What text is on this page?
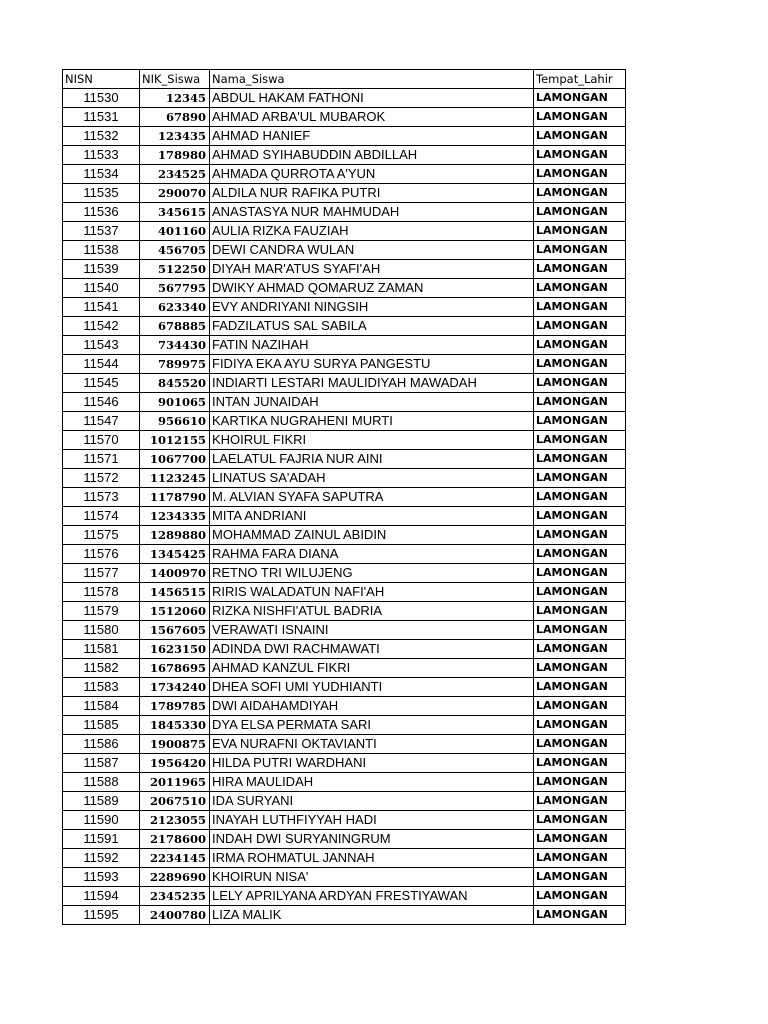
NISN	NIK_Siswa	Nama_Siswa	Tempat_Lahir
11530	12345	ABDUL HAKAM FATHONI	LAMONGAN
11531	67890	AHMAD ARBA'UL MUBAROK	LAMONGAN
11532	123435	AHMAD HANIEF	LAMONGAN
11533	178980	AHMAD SYIHABUDDIN ABDILLAH	LAMONGAN
11534	234525	AHMADA QURROTA A'YUN	LAMONGAN
11535	290070	ALDILA NUR RAFIKA PUTRI	LAMONGAN
11536	345615	ANASTASYA NUR MAHMUDAH	LAMONGAN
11537	401160	AULIA RIZKA FAUZIAH	LAMONGAN
11538	456705	DEWI CANDRA WULAN	LAMONGAN
11539	512250	DIYAH MAR'ATUS SYAFI'AH	LAMONGAN
11540	567795	DWIKY AHMAD QOMARUZ ZAMAN	LAMONGAN
11541	623340	EVY ANDRIYANI NINGSIH	LAMONGAN
11542	678885	FADZILATUS SAL SABILA	LAMONGAN
11543	734430	FATIN NAZIHAH	LAMONGAN
11544	789975	FIDIYA EKA AYU SURYA PANGESTU	LAMONGAN
11545	845520	INDIARTI LESTARI MAULIDIYAH MAWADAH	LAMONGAN
11546	901065	INTAN JUNAIDAH	LAMONGAN
11547	956610	KARTIKA NUGRAHENI MURTI	LAMONGAN
11570	1012155	KHOIRUL FIKRI	LAMONGAN
11571	1067700	LAELATUL FAJRIA NUR AINI	LAMONGAN
11572	1123245	LINATUS SA'ADAH	LAMONGAN
11573	1178790	M. ALVIAN SYAFA SAPUTRA	LAMONGAN
11574	1234335	MITA ANDRIANI	LAMONGAN
11575	1289880	MOHAMMAD ZAINUL ABIDIN	LAMONGAN
11576	1345425	RAHMA FARA DIANA	LAMONGAN
11577	1400970	RETNO TRI WILUJENG	LAMONGAN
11578	1456515	RIRIS WALADATUN NAFI'AH	LAMONGAN
11579	1512060	RIZKA NISHFI'ATUL BADRIA	LAMONGAN
11580	1567605	VERAWATI ISNAINI	LAMONGAN
11581	1623150	ADINDA DWI RACHMAWATI	LAMONGAN
11582	1678695	AHMAD KANZUL FIKRI	LAMONGAN
11583	1734240	DHEA SOFI UMI YUDHIANTI	LAMONGAN
11584	1789785	DWI AIDAHAMDIYAH	LAMONGAN
11585	1845330	DYA ELSA PERMATA SARI	LAMONGAN
11586	1900875	EVA NURAFNI OKTAVIANTI	LAMONGAN
11587	1956420	HILDA PUTRI WARDHANI	LAMONGAN
11588	2011965	HIRA MAULIDAH	LAMONGAN
11589	2067510	IDA SURYANI	LAMONGAN
11590	2123055	INAYAH LUTHFIYYAH HADI	LAMONGAN
11591	2178600	INDAH DWI SURYANINGRUM	LAMONGAN
11592	2234145	IRMA ROHMATUL JANNAH	LAMONGAN
11593	2289690	KHOIRUN NISA'	LAMONGAN
11594	2345235	LELY APRILYANA ARDYAN FRESTIYAWAN	LAMONGAN
11595	2400780	LIZA MALIK	LAMONGAN
